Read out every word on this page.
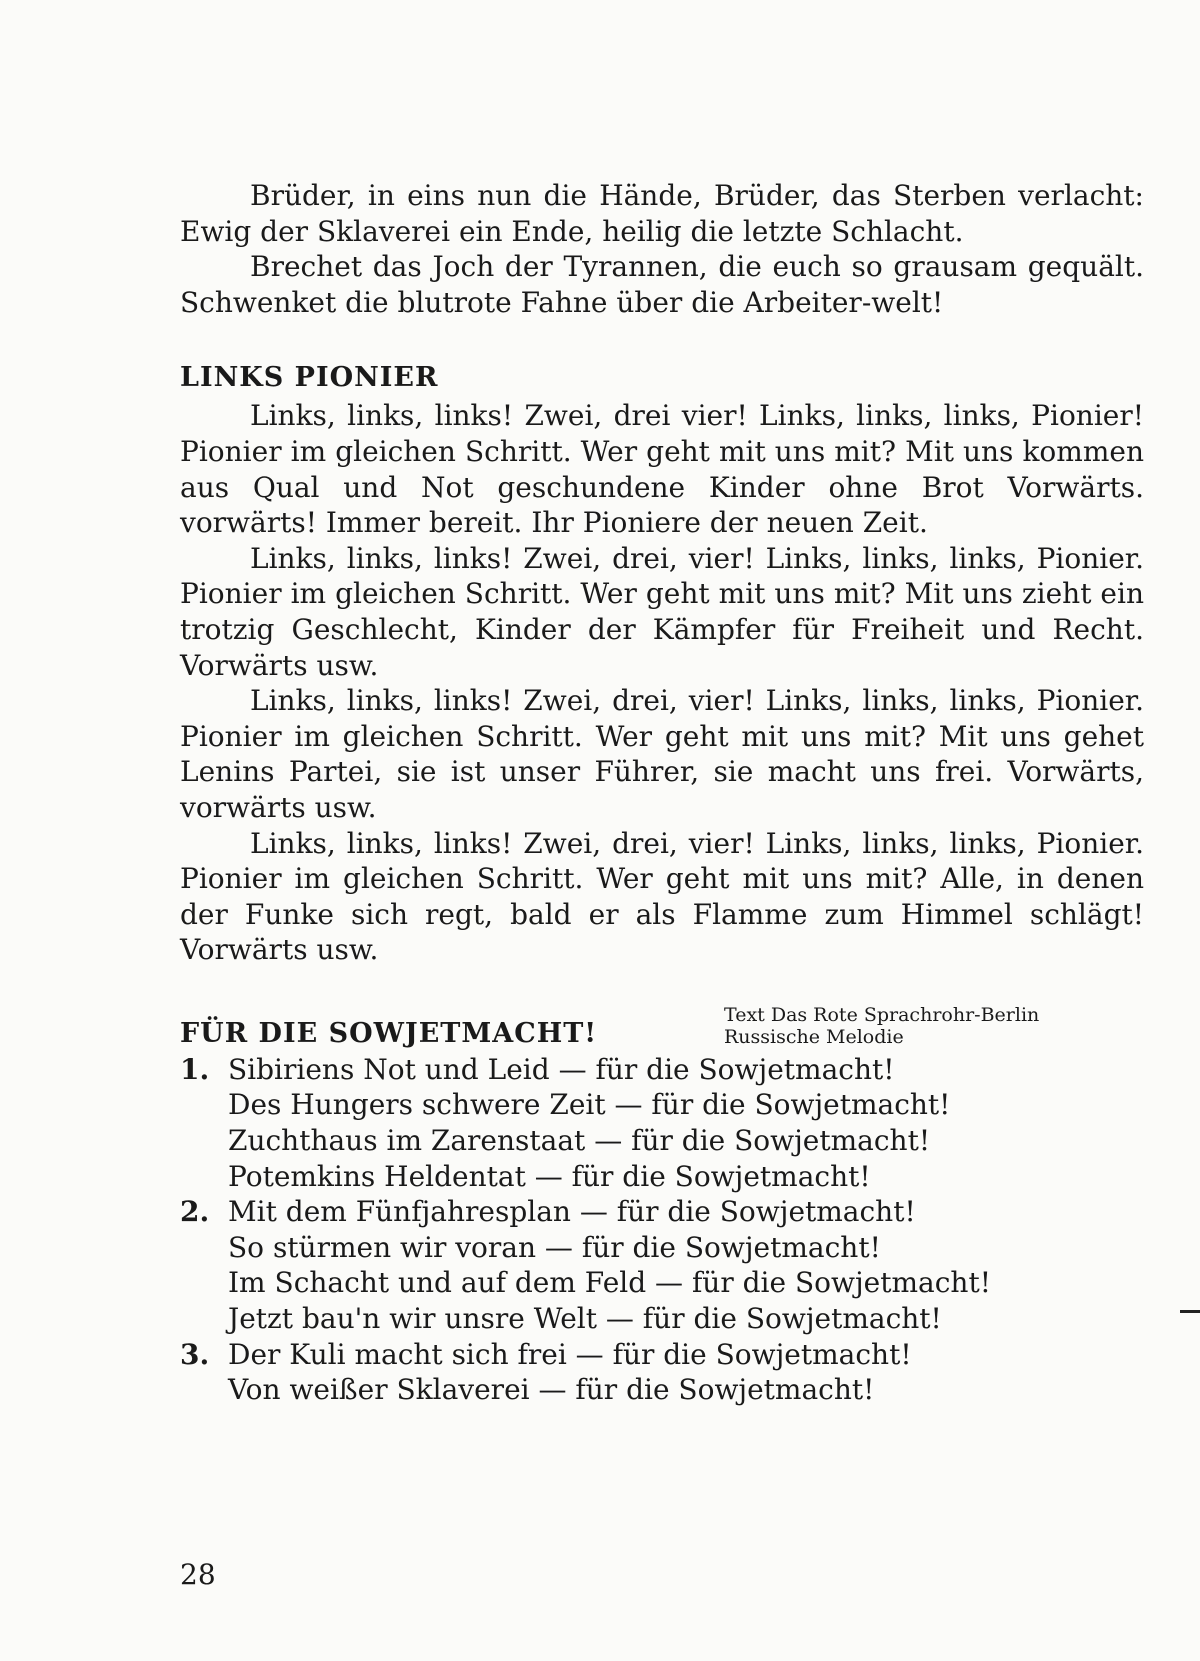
Brüder, in eins nun die Hände, Brüder, das Sterben verlacht: Ewig der Sklaverei ein Ende, heilig die letzte Schlacht.

Brechet das Joch der Tyrannen, die euch so grausam gequält. Schwenket die blutrote Fahne über die Arbeiter-welt!

LINKS PIONIER

Links, links, links! Zwei, drei vier! Links, links, links, Pionier! Pionier im gleichen Schritt. Wer geht mit uns mit? Mit uns kommen aus Qual und Not geschundene Kinder ohne Brot Vorwärts. vorwärts! Immer bereit. Ihr Pioniere der neuen Zeit.

Links, links, links! Zwei, drei, vier! Links, links, links, Pionier. Pionier im gleichen Schritt. Wer geht mit uns mit? Mit uns zieht ein trotzig Geschlecht, Kinder der Kämpfer für Freiheit und Recht. Vorwärts usw.

Links, links, links! Zwei, drei, vier! Links, links, links, Pionier. Pionier im gleichen Schritt. Wer geht mit uns mit? Mit uns gehet Lenins Partei, sie ist unser Führer, sie macht uns frei. Vorwärts, vorwärts usw.

Links, links, links! Zwei, drei, vier! Links, links, links, Pionier. Pionier im gleichen Schritt. Wer geht mit uns mit? Alle, in denen der Funke sich regt, bald er als Flamme zum Himmel schlägt! Vorwärts usw.

FÜR DIE SOWJETMACHT!
Text Das Rote Sprachrohr-Berlin
Russische Melodie
1. Sibiriens Not und Leid — für die Sowjetmacht!
Des Hungers schwere Zeit — für die Sowjetmacht!
Zuchthaus im Zarenstaat — für die Sowjetmacht!
Potemkins Heldentat — für die Sowjetmacht!
2. Mit dem Fünfjahresplan — für die Sowjetmacht!
So stürmen wir voran — für die Sowjetmacht!
Im Schacht und auf dem Feld — für die Sowjetmacht!
Jetzt bau'n wir unsre Welt — für die Sowjetmacht!
3. Der Kuli macht sich frei — für die Sowjetmacht!
Von weißer Sklaverei — für die Sowjetmacht!
28
